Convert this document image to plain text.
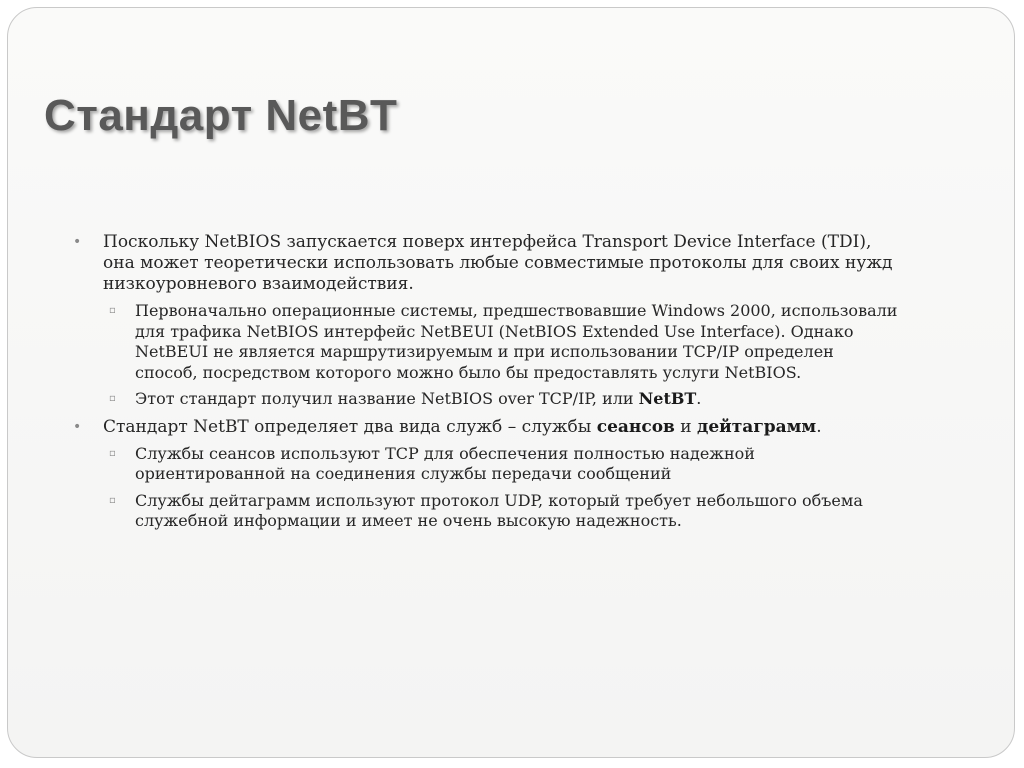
Стандарт NetBT
• Поскольку NetBIOS запускается поверх интерфейса Transport Device Interface (TDI), она может теоретически использовать любые совместимые протоколы для своих нужд низкоуровневого взаимодействия.
▫ Первоначально операционные системы, предшествовавшие Windows 2000, использовали для трафика NetBIOS интерфейс NetBEUI (NetBIOS Extended Use Interface). Однако NetBEUI не является маршрутизируемым и при использовании TCP/IP определен способ, посредством которого можно было бы предоставлять услуги NetBIOS.
▫ Этот стандарт получил название NetBIOS over TCP/IP, или NetBT.
• Стандарт NetBT определяет два вида служб – службы сеансов и дейтаграмм.
▫ Службы сеансов используют TCP для обеспечения полностью надежной ориентированной на соединения службы передачи сообщений
▫ Службы дейтаграмм используют протокол UDP, который требует небольшого объема служебной информации и имеет не очень высокую надежность.
